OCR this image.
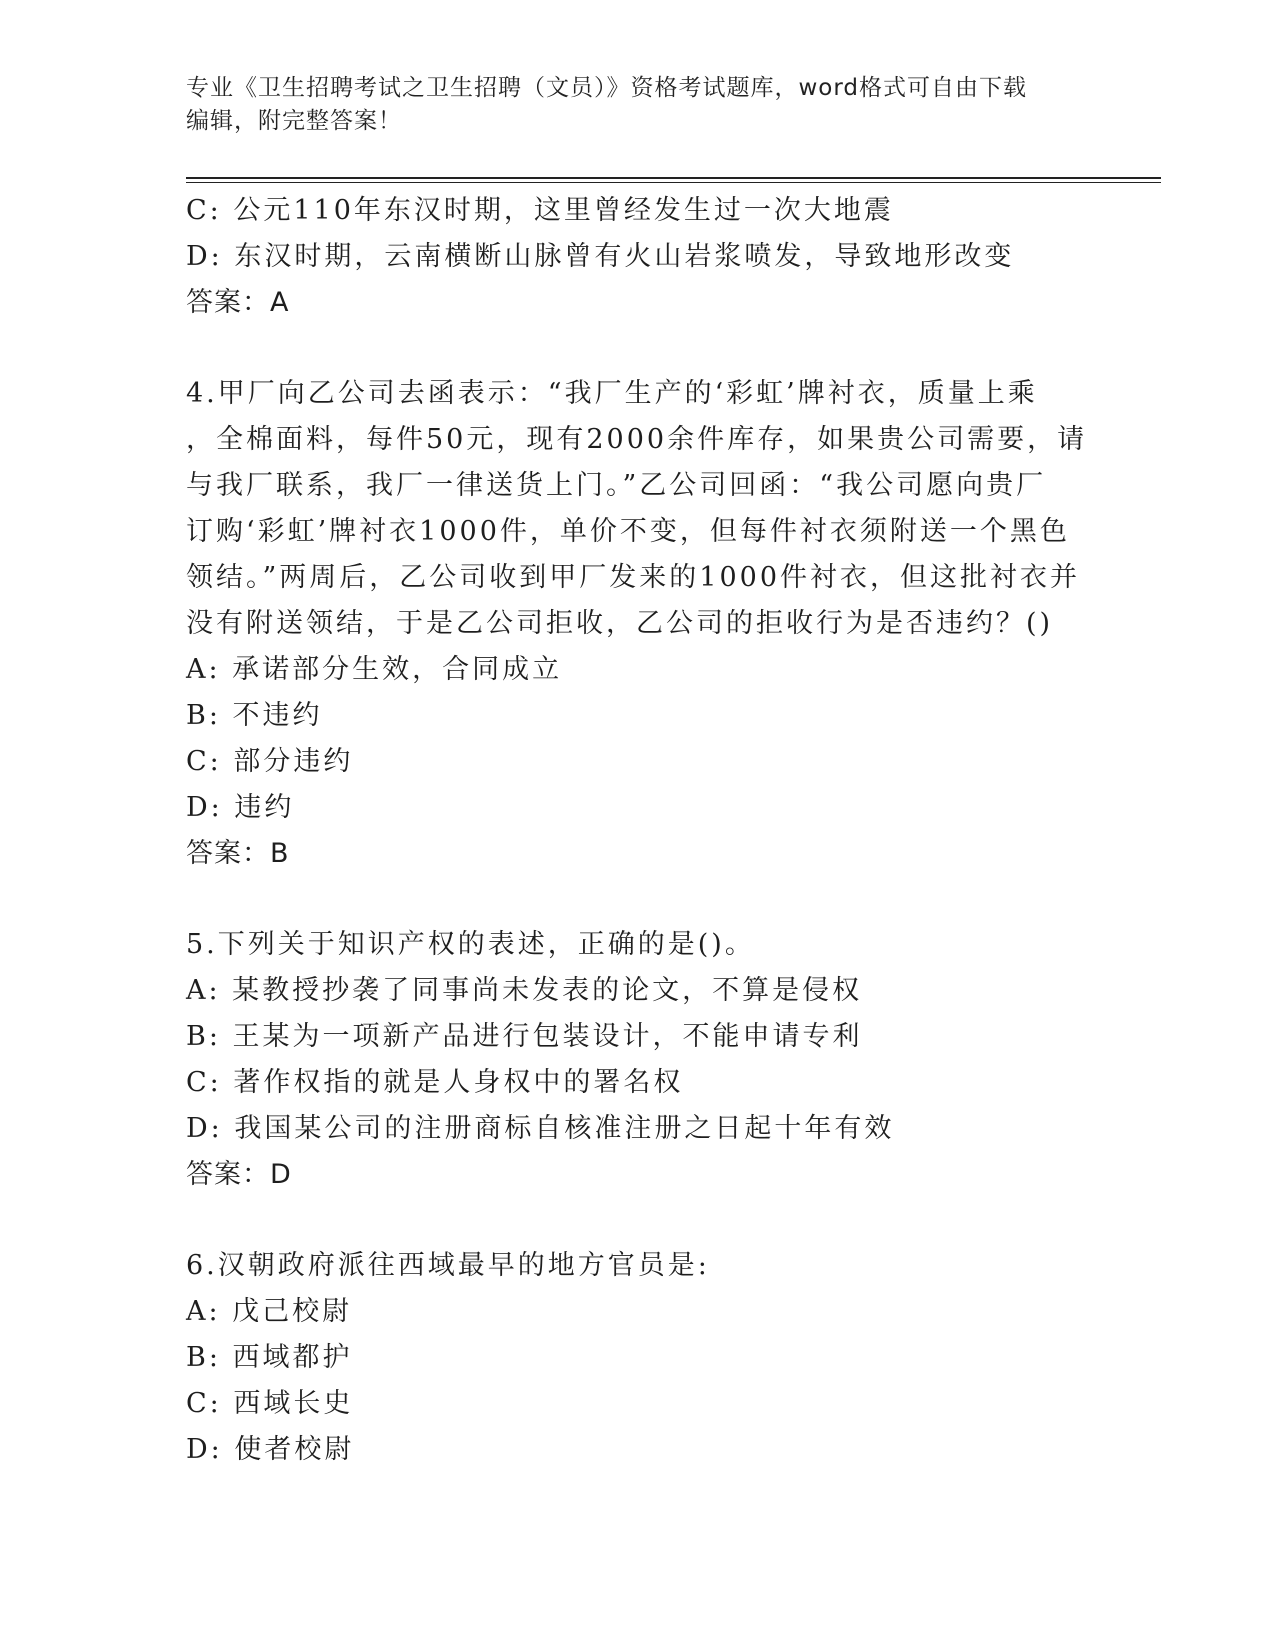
专业《卫生招聘考试之卫生招聘（文员）》资格考试题库，word格式可自由下载
编辑，附完整答案！
C: 公元110年东汉时期，这里曾经发生过一次大地震
D: 东汉时期，云南横断山脉曾有火山岩浆喷发，导致地形改变
答案：A
4.甲厂向乙公司去函表示：“我厂生产的‘彩虹’牌衬衣，质量上乘
，全棉面料，每件50元，现有2000余件库存，如果贵公司需要，请
与我厂联系，我厂一律送货上门。”乙公司回函：“我公司愿向贵厂
订购‘彩虹’牌衬衣1000件，单价不变，但每件衬衣须附送一个黑色
领结。”两周后，乙公司收到甲厂发来的1000件衬衣，但这批衬衣并
没有附送领结，于是乙公司拒收，乙公司的拒收行为是否违约？()
A: 承诺部分生效，合同成立
B: 不违约
C: 部分违约
D: 违约
答案：B
5.下列关于知识产权的表述，正确的是()。
A: 某教授抄袭了同事尚未发表的论文，不算是侵权
B: 王某为一项新产品进行包装设计，不能申请专利
C: 著作权指的就是人身权中的署名权
D: 我国某公司的注册商标自核准注册之日起十年有效
答案：D
6.汉朝政府派往西域最早的地方官员是:
A: 戊己校尉
B: 西域都护
C: 西域长史
D: 使者校尉
